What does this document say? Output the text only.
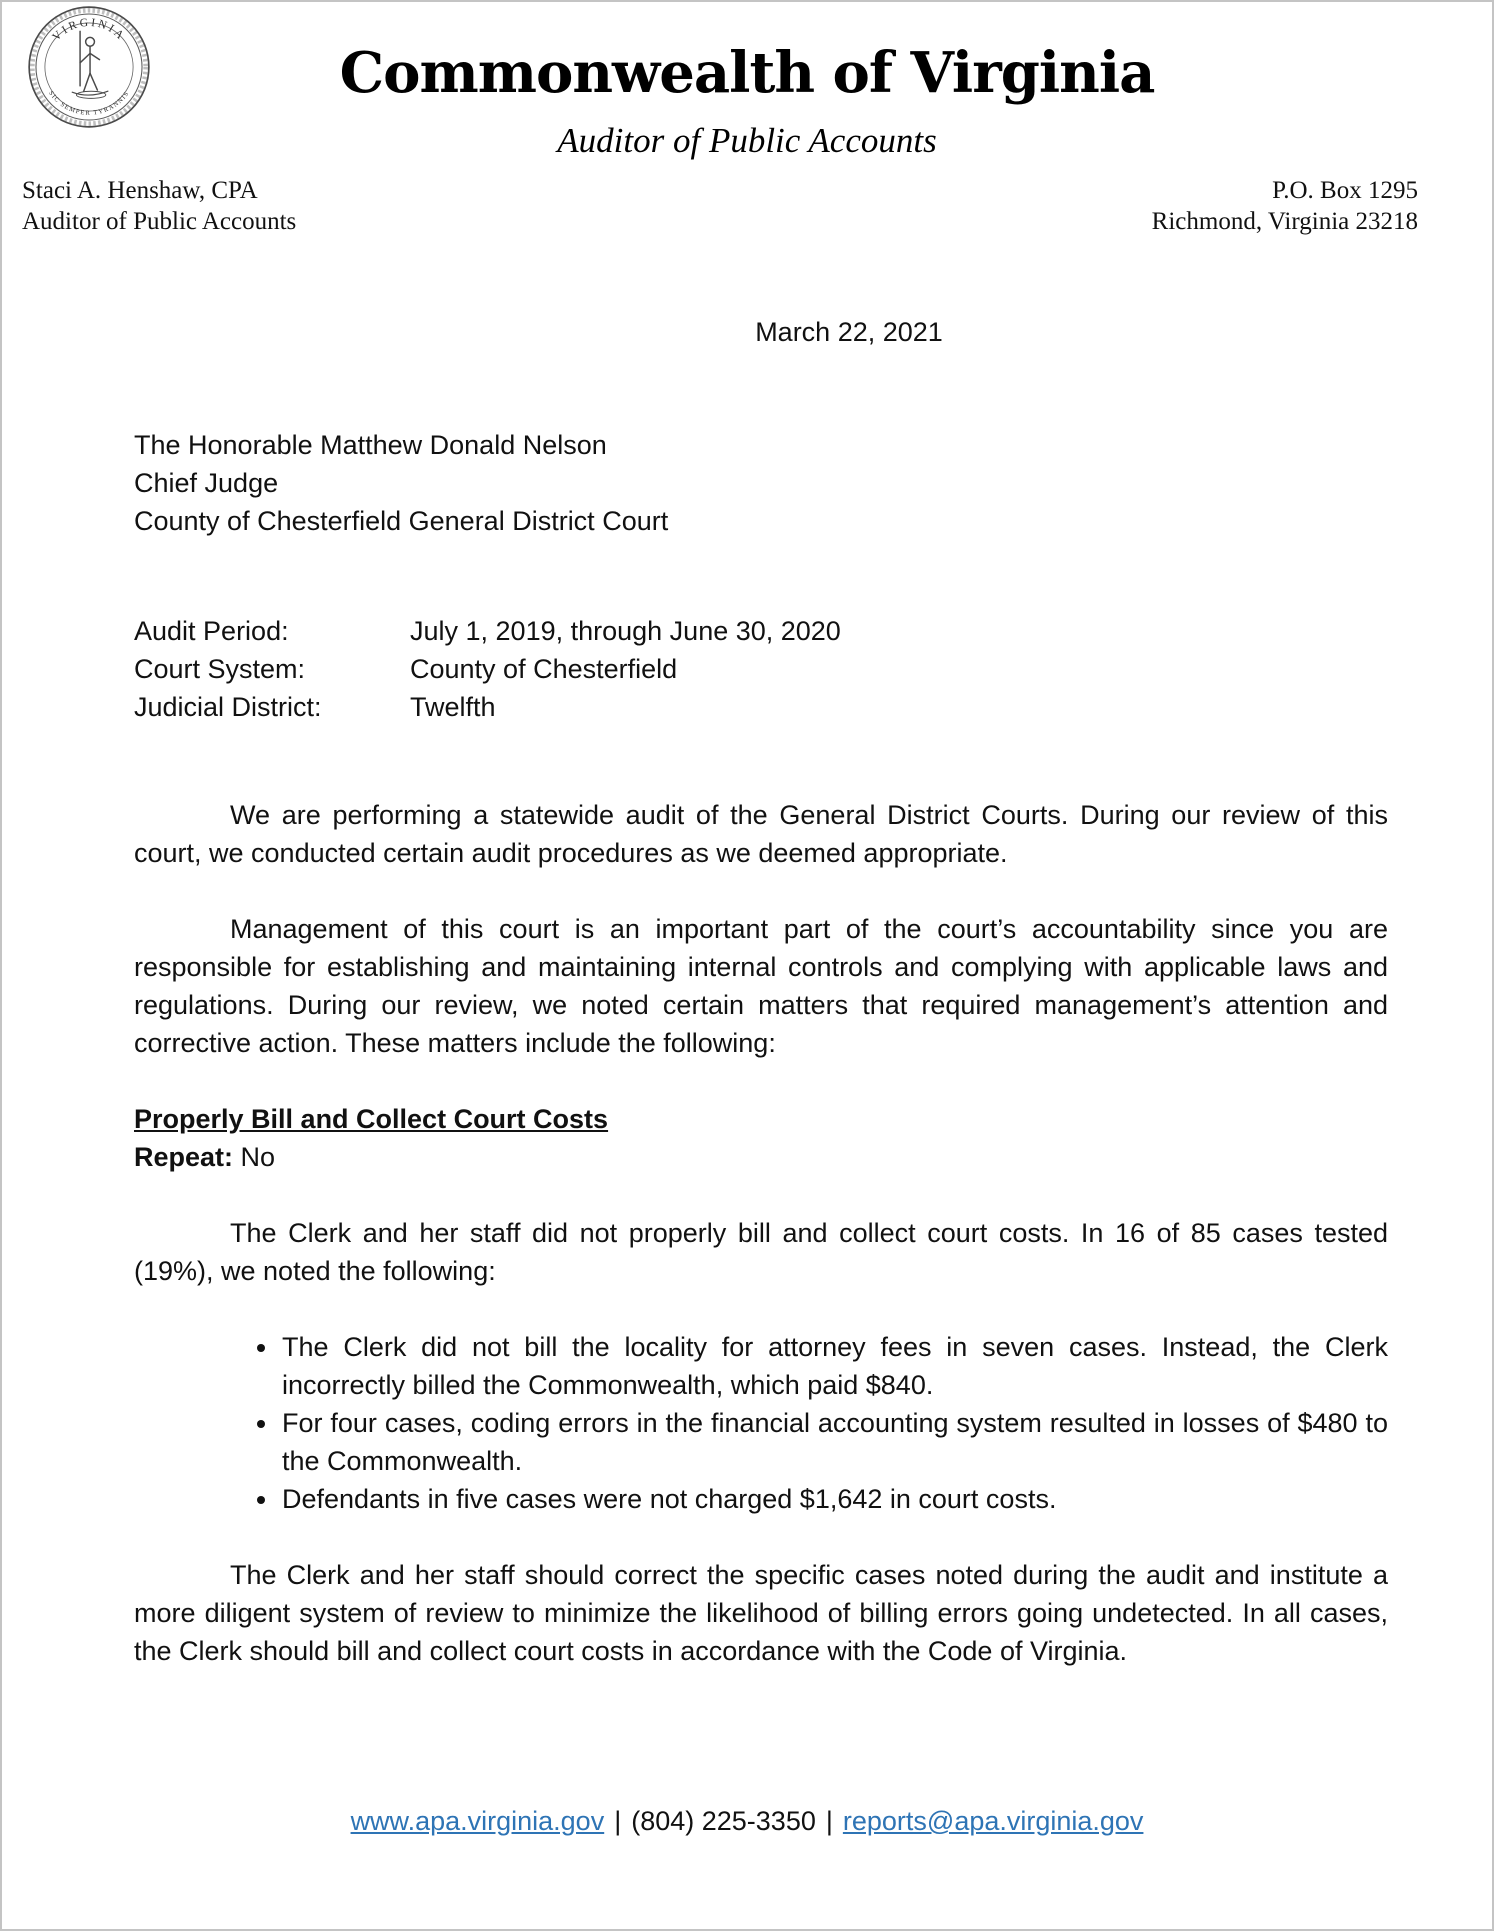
VIRGINIA
SIC SEMPER TYRANNIS	Commonwealth of Virginia
Auditor of Public Accounts
Staci A. Henshaw, CPA
Auditor of Public Accounts
P.O. Box 1295
Richmond, Virginia 23218
March 22, 2021
The Honorable Matthew Donald Nelson
Chief Judge
County of Chesterfield General District Court
Audit Period:	July 1, 2019, through June 30, 2020
Court System:	County of Chesterfield
Judicial District:	Twelfth

We are performing a statewide audit of the General District Courts. During our review of this court, we conducted certain audit procedures as we deemed appropriate.

Management of this court is an important part of the court’s accountability since you are responsible for establishing and maintaining internal controls and complying with applicable laws and regulations. During our review, we noted certain matters that required management’s attention and corrective action. These matters include the following:

Properly Bill and Collect Court Costs
Repeat: No

The Clerk and her staff did not properly bill and collect court costs. In 16 of 85 cases tested (19%), we noted the following:

• The Clerk did not bill the locality for attorney fees in seven cases. Instead, the Clerk incorrectly billed the Commonwealth, which paid $840.
• For four cases, coding errors in the financial accounting system resulted in losses of $480 to the Commonwealth.
• Defendants in five cases were not charged $1,642 in court costs.

The Clerk and her staff should correct the specific cases noted during the audit and institute a more diligent system of review to minimize the likelihood of billing errors going undetected. In all cases, the Clerk should bill and collect court costs in accordance with the Code of Virginia.

www.apa.virginia.gov | (804) 225-3350 | reports@apa.virginia.gov
